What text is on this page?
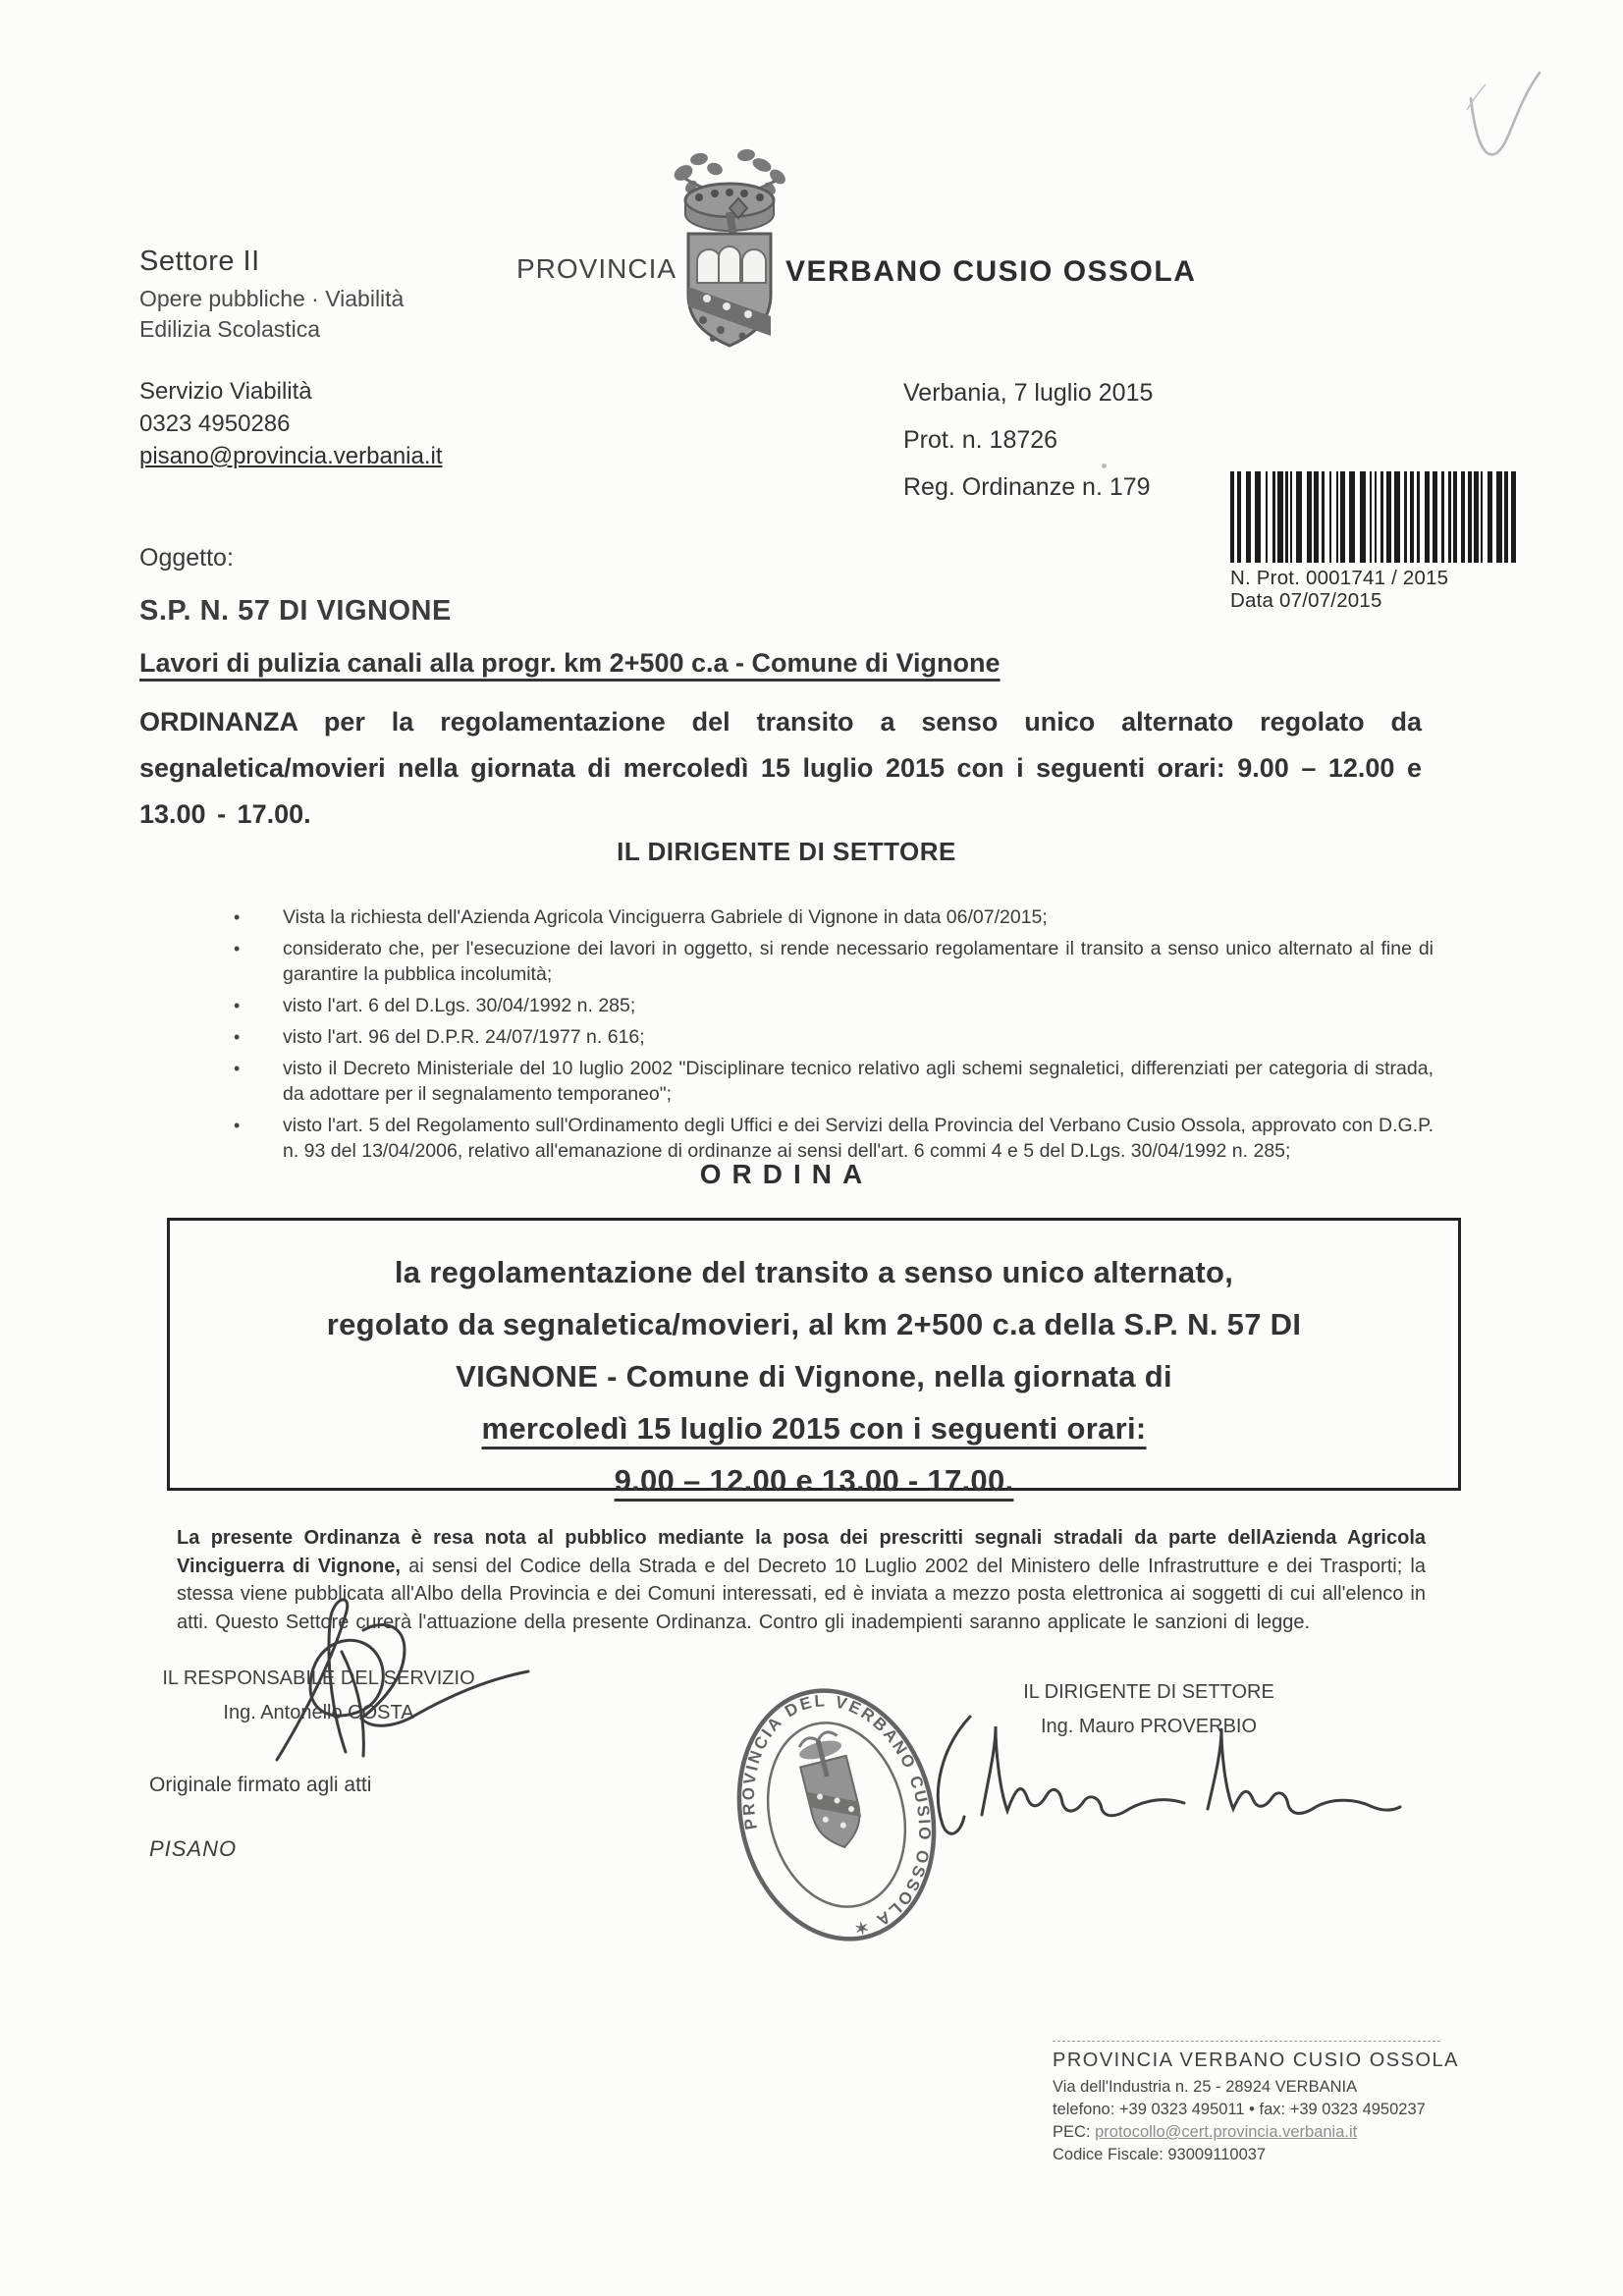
Settore II
Opere pubbliche · Viabilità
Edilizia Scolastica
PROVINCIA	VERBANO CUSIO OSSOLA
Servizio Viabilità
0323 4950286
pisano@provincia.verbania.it
Verbania, 7 luglio 2015
Prot. n. 18726
Reg. Ordinanze n. 179
N. Prot. 0001741 / 2015
Data 07/07/2015
Oggetto:
S.P. N. 57 DI VIGNONE
Lavori di pulizia canali alla progr. km 2+500 c.a - Comune di Vignone
ORDINANZA per la regolamentazione del transito a senso unico alternato regolato da segnaletica/movieri nella giornata di mercoledì 15 luglio 2015 con i seguenti orari: 9.00 – 12.00 e 13.00 - 17.00.
IL DIRIGENTE DI SETTORE
• Vista la richiesta dell'Azienda Agricola Vinciguerra Gabriele di Vignone in data 06/07/2015;
• considerato che, per l'esecuzione dei lavori in oggetto, si rende necessario regolamentare il transito a senso unico alternato al fine di garantire la pubblica incolumità;
• visto l'art. 6 del D.Lgs. 30/04/1992 n. 285;
• visto l'art. 96 del D.P.R. 24/07/1977 n. 616;
• visto il Decreto Ministeriale del 10 luglio 2002 "Disciplinare tecnico relativo agli schemi segnaletici, differenziati per categoria di strada, da adottare per il segnalamento temporaneo";
• visto l'art. 5 del Regolamento sull'Ordinamento degli Uffici e dei Servizi della Provincia del Verbano Cusio Ossola, approvato con D.G.P. n. 93 del 13/04/2006, relativo all'emanazione di ordinanze ai sensi dell'art. 6 commi 4 e 5 del D.Lgs. 30/04/1992 n. 285;
ORDINA
la regolamentazione del transito a senso unico alternato,
regolato da segnaletica/movieri, al km 2+500 c.a della S.P. N. 57 DI
VIGNONE - Comune di Vignone, nella giornata di
mercoledì 15 luglio 2015 con i seguenti orari:
9.00 – 12.00 e 13.00 - 17.00.
La presente Ordinanza è resa nota al pubblico mediante la posa dei prescritti segnali stradali da parte dellAzienda Agricola Vinciguerra di Vignone, ai sensi del Codice della Strada e del Decreto 10 Luglio 2002 del Ministero delle Infrastrutture e dei Trasporti; la stessa viene pubblicata all'Albo della Provincia e dei Comuni interessati, ed è inviata a mezzo posta elettronica ai soggetti di cui all'elenco in atti. Questo Settore curerà l'attuazione della presente Ordinanza. Contro gli inadempienti saranno applicate le sanzioni di legge.
IL RESPONSABILE DEL SERVIZIO
Ing. Antonello COSTA
Originale firmato agli atti
PISANO
PROVINCIA DEL VERBANO CUSIO OSSOLA ✶
IL DIRIGENTE DI SETTORE
Ing. Mauro PROVERBIO
PROVINCIA VERBANO CUSIO OSSOLA
Via dell'Industria n. 25 - 28924 VERBANIA
telefono: +39 0323 495011 • fax: +39 0323 4950237
PEC: protocollo@cert.provincia.verbania.it
Codice Fiscale: 93009110037
